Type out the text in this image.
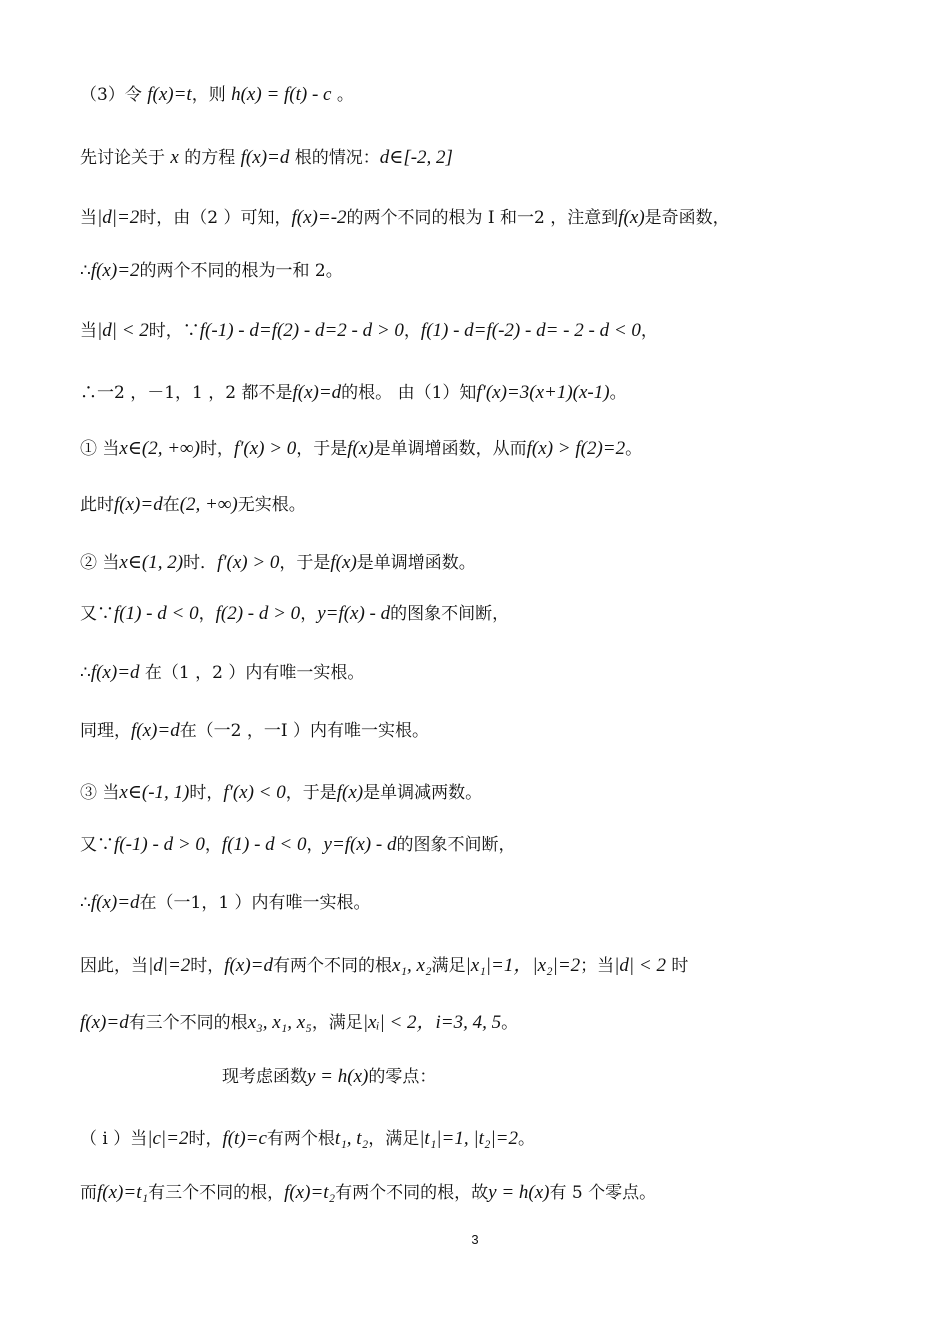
（3）令 f(x)=t，则 h(x) = f(t) - c 。
先讨论关于 x 的方程 f(x)=d 根的情况：d∈[-2, 2]
当|d|=2时，由（2 ）可知，f(x)=-2的两个不同的根为 I 和一2 ，注意到f(x)是奇函数，
∴f(x)=2的两个不同的根为一和 2。
当|d| < 2时，∵f(-1) - d=f(2) - d=2 - d > 0，f(1) - d=f(-2) - d= - 2 - d < 0，
∴一2 ，－1，1 ，2 都不是f(x)=d的根。 由（1）知f′(x)=3(x+1)(x-1)。
① 当x∈(2, +∞)时，f′(x) > 0，于是f(x)是单调增函数，从而f(x) > f(2)=2。
此时f(x)=d在(2, +∞)无实根。
② 当x∈(1, 2)时．f′(x) > 0，于是f(x)是单调增函数。
又∵f(1) - d < 0，f(2) - d > 0，y=f(x) - d的图象不间断，
∴f(x)=d 在（1 ，2 ）内有唯一实根。
同理，f(x)=d在（一2 ，一I ）内有唯一实根。
③ 当x∈(-1, 1)时，f′(x) < 0，于是f(x)是单调减两数。
又∵f(-1) - d > 0，f(1) - d < 0，y=f(x) - d的图象不间断，
∴f(x)=d在（一1，1 ）内有唯一实根。
因此，当|d|=2时，f(x)=d有两个不同的根x₁, x₂满足|x₁|=1，|x₂|=2；当|d| < 2 时
f(x)=d有三个不同的根x₃, x₁, x₅，满足|xᵢ| < 2，i=3, 4, 5。
现考虑函数y = h(x)的零点：
（ i ）当|c|=2时，f(t)=c有两个根t₁, t₂，满足|t₁|=1, |t₂|=2。
而f(x)=t₁有三个不同的根，f(x)=t₂有两个不同的根，故y = h(x)有 5 个零点。
3
